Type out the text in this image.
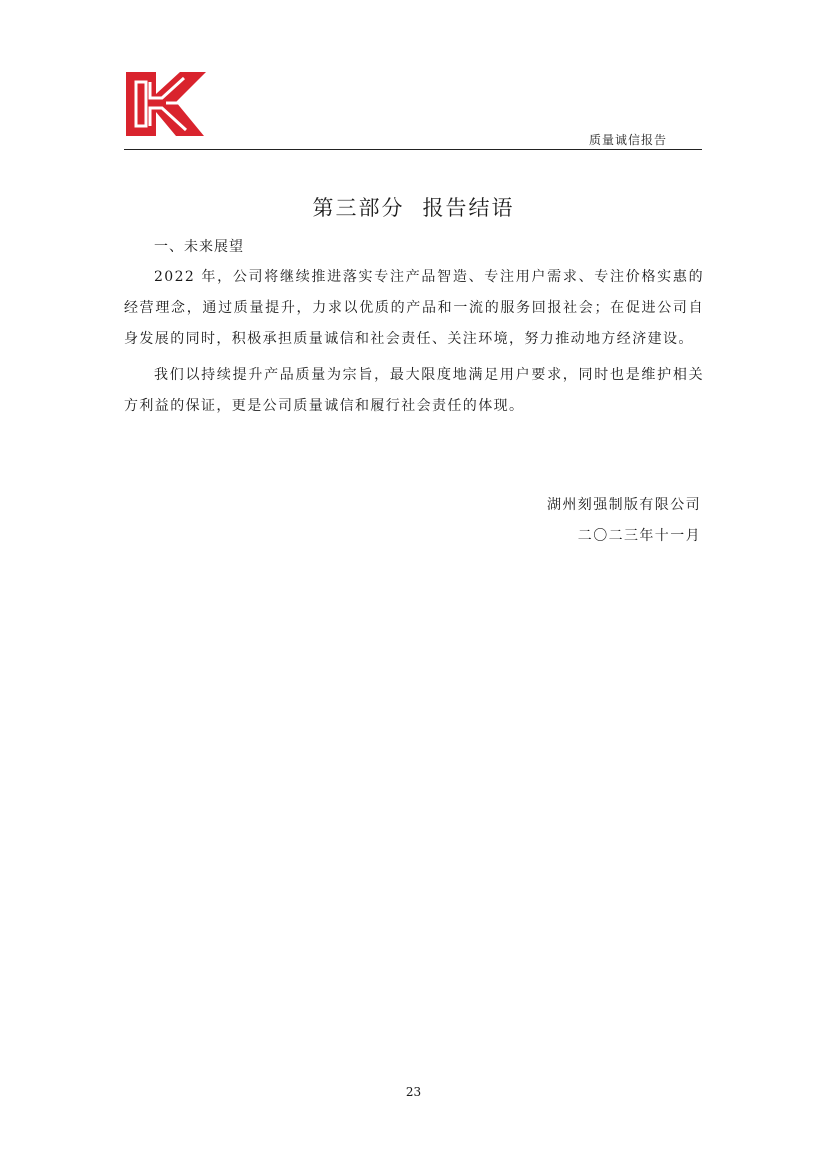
质量诚信报告
第三部分 报告结语
一、未来展望

2022 年，公司将继续推进落实专注产品智造、专注用户需求、专注价格实惠的经营理念，通过质量提升，力求以优质的产品和一流的服务回报社会；在促进公司自身发展的同时，积极承担质量诚信和社会责任、关注环境，努力推动地方经济建设。

我们以持续提升产品质量为宗旨，最大限度地满足用户要求，同时也是维护相关方利益的保证，更是公司质量诚信和履行社会责任的体现。

湖州刻强制版有限公司
二〇二三年十一月
23
